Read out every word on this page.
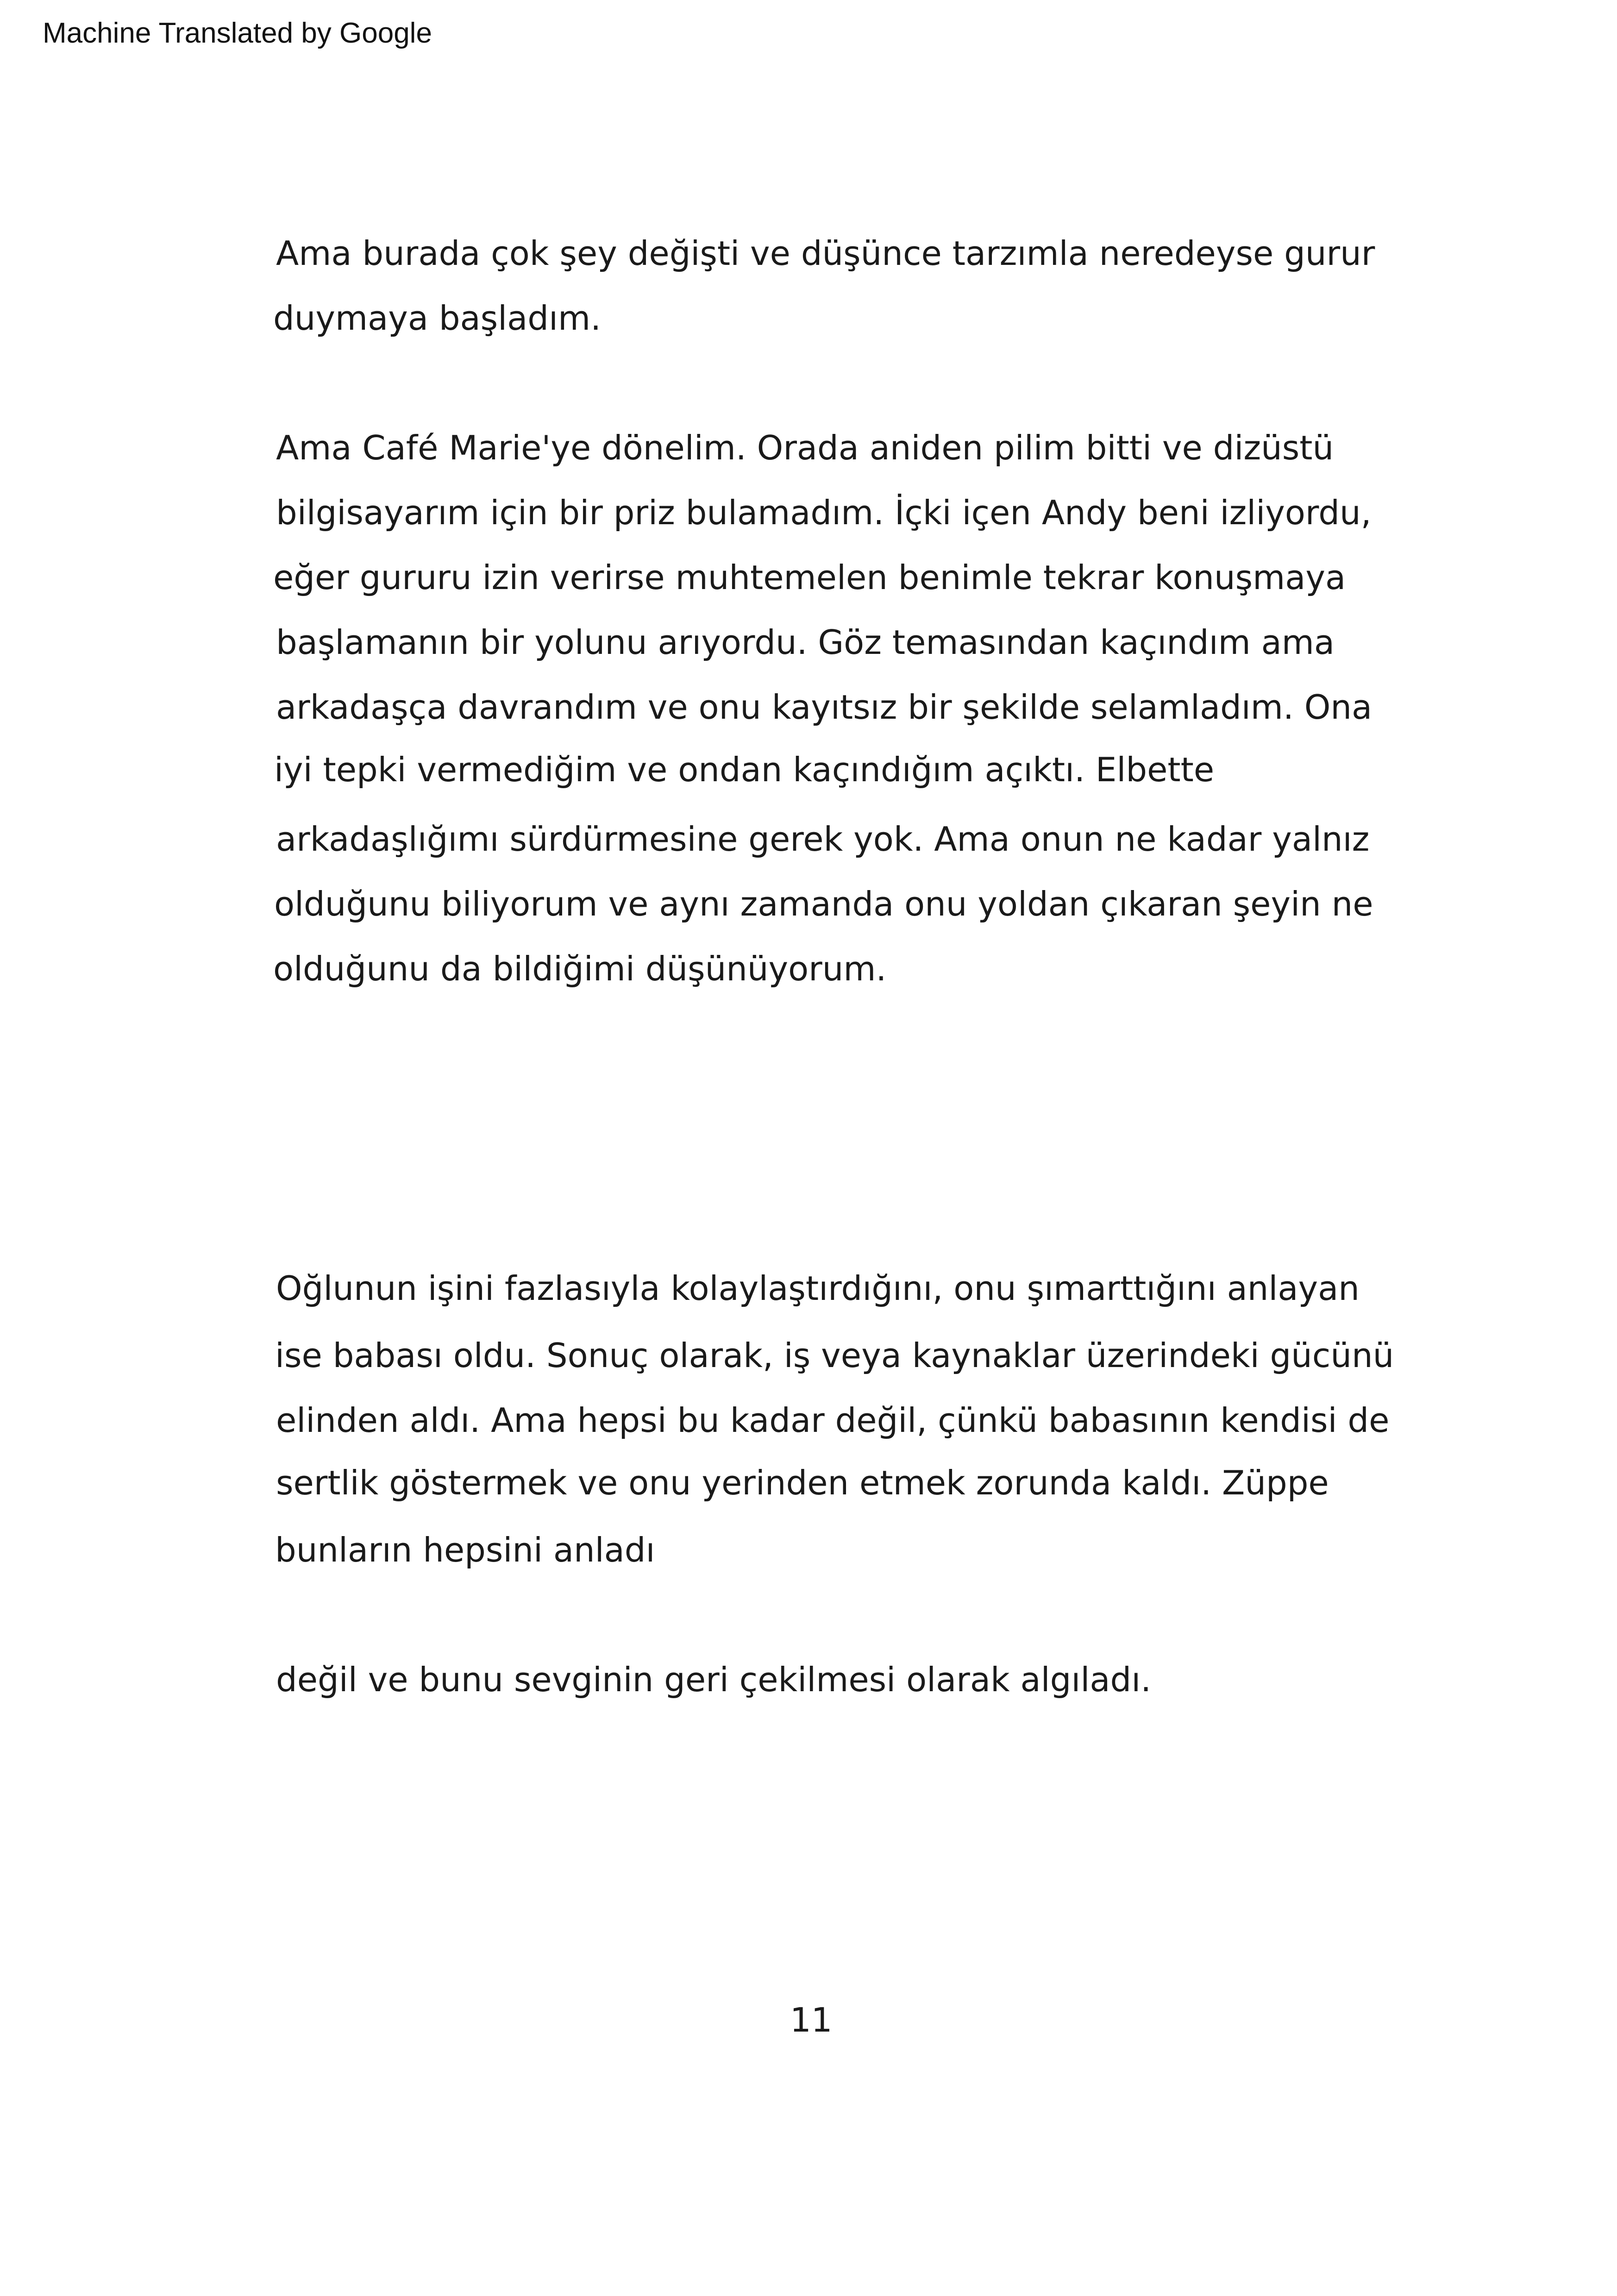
Machine Translated by Google
Ama burada çok şey değişti ve düşünce tarzımla neredeyse gurur
duymaya başladım.
Ama Café Marie'ye dönelim. Orada aniden pilim bitti ve dizüstü
bilgisayarım için bir priz bulamadım. İçki içen Andy beni izliyordu,
eğer gururu izin verirse muhtemelen benimle tekrar konuşmaya
başlamanın bir yolunu arıyordu. Göz temasından kaçındım ama
arkadaşça davrandım ve onu kayıtsız bir şekilde selamladım. Ona
iyi tepki vermediğim ve ondan kaçındığım açıktı. Elbette
arkadaşlığımı sürdürmesine gerek yok. Ama onun ne kadar yalnız
olduğunu biliyorum ve aynı zamanda onu yoldan çıkaran şeyin ne
olduğunu da bildiğimi düşünüyorum.
Oğlunun işini fazlasıyla kolaylaştırdığını, onu şımarttığını anlayan
ise babası oldu. Sonuç olarak, iş veya kaynaklar üzerindeki gücünü
elinden aldı. Ama hepsi bu kadar değil, çünkü babasının kendisi de
sertlik göstermek ve onu yerinden etmek zorunda kaldı. Züppe
bunların hepsini anladı
değil ve bunu sevginin geri çekilmesi olarak algıladı.
11
